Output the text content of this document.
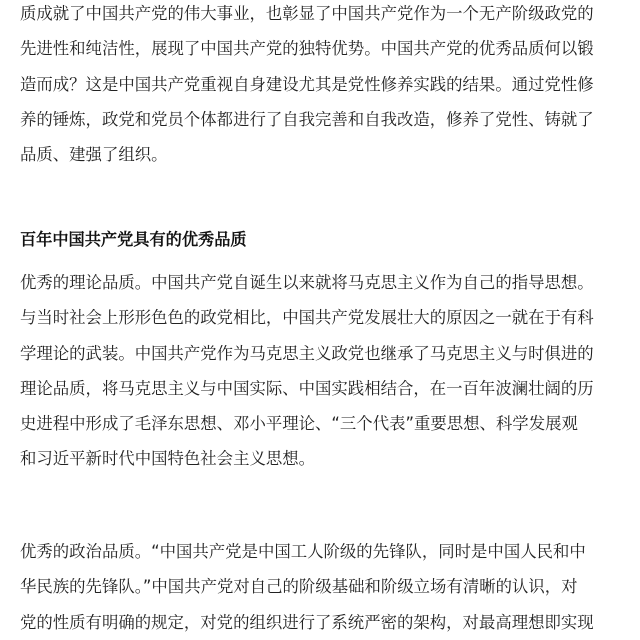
质成就了中国共产党的伟大事业，也彰显了中国共产党作为一个无产阶级政党的
先进性和纯洁性，展现了中国共产党的独特优势。中国共产党的优秀品质何以锻
造而成？这是中国共产党重视自身建设尤其是党性修养实践的结果。通过党性修
养的锤炼，政党和党员个体都进行了自我完善和自我改造，修养了党性、铸就了
品质、建强了组织。
百年中国共产党具有的优秀品质
优秀的理论品质。中国共产党自诞生以来就将马克思主义作为自己的指导思想。
与当时社会上形形色色的政党相比，中国共产党发展壮大的原因之一就在于有科
学理论的武装。中国共产党作为马克思主义政党也继承了马克思主义与时俱进的
理论品质，将马克思主义与中国实际、中国实践相结合，在一百年波澜壮阔的历
史进程中形成了毛泽东思想、邓小平理论、“三个代表”重要思想、科学发展观
和习近平新时代中国特色社会主义思想。
优秀的政治品质。“中国共产党是中国工人阶级的先锋队，同时是中国人民和中
华民族的先锋队。”中国共产党对自己的阶级基础和阶级立场有清晰的认识，对
党的性质有明确的规定，对党的组织进行了系统严密的架构，对最高理想即实现
